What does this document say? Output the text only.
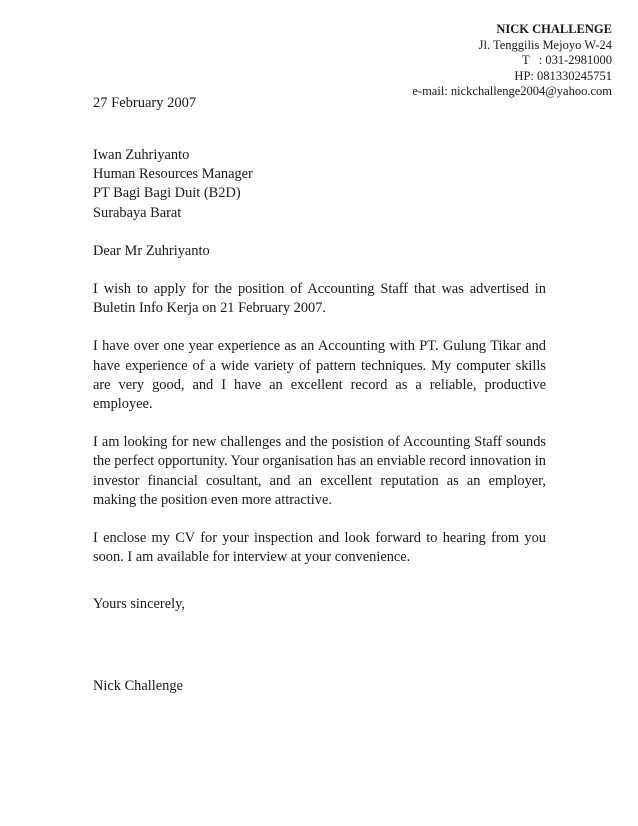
NICK CHALLENGE
Jl. Tenggilis Mejoyo W-24
T   : 031-2981000
HP: 081330245751
e-mail: nickchallenge2004@yahoo.com
27 February 2007
Iwan Zuhriyanto
Human Resources Manager
PT Bagi Bagi Duit (B2D)
Surabaya Barat
Dear Mr Zuhriyanto

I wish to apply for the position of Accounting Staff that was advertised in Buletin Info Kerja on 21 February 2007.

I have over one year experience as an Accounting with PT. Gulung Tikar and have experience of a wide variety of pattern techniques. My computer skills are very good, and I have an excellent record as a reliable, productive employee.

I am looking for new challenges and the posistion of Accounting Staff sounds the perfect opportunity. Your organisation has an enviable record innovation in investor financial cosultant, and an excellent reputation as an employer, making the position even more attractive.

I enclose my CV for your inspection and look forward to hearing from you soon. I am available for interview at your convenience.

Yours sincerely,
Nick Challenge
